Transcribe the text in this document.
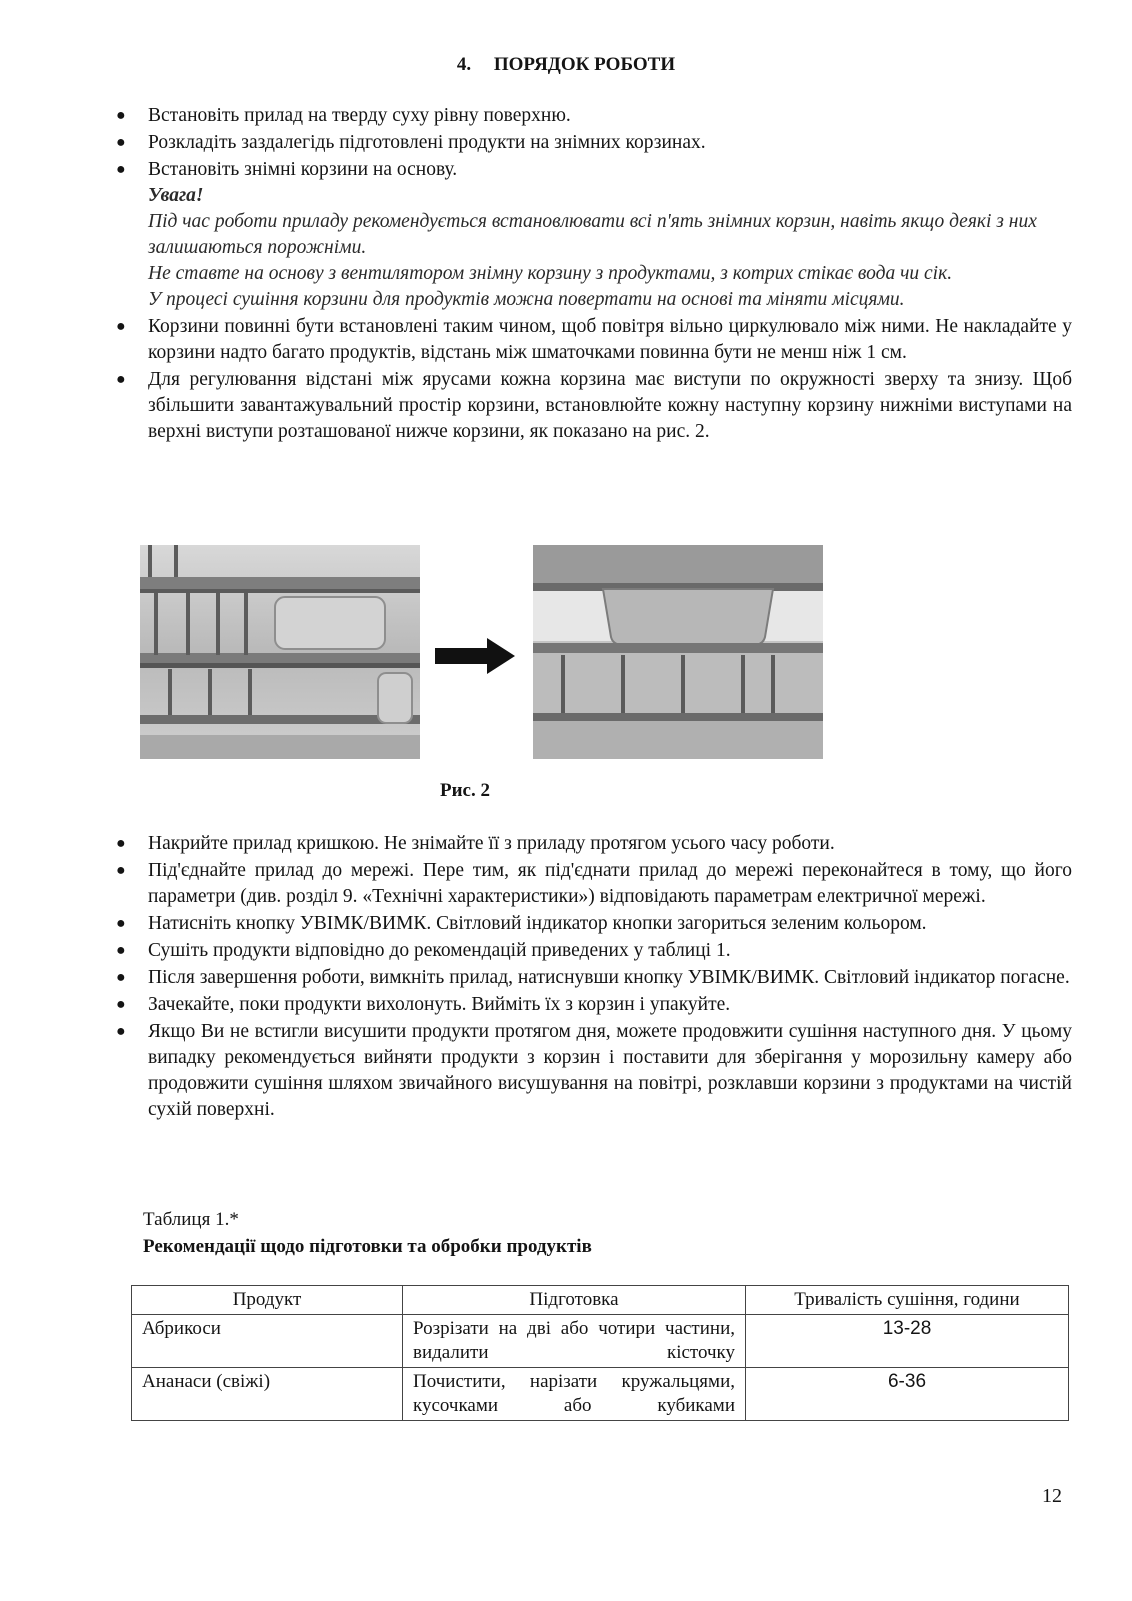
4. ПОРЯДОК РОБОТИ
● Встановіть прилад на тверду суху рівну поверхню.
● Розкладіть заздалегідь підготовлені продукти на знімних корзинах.
● Встановіть знімні корзини на основу.
Увага!
Під час роботи приладу рекомендується встановлювати всі п'ять знімних корзин, навіть якщо деякі з них залишаються порожніми.
Не ставте на основу з вентилятором знімну корзину з продуктами, з котрих стікає вода чи сік.
У процесі сушіння корзини для продуктів можна повертати на основі та міняти місцями.
● Корзини повинні бути встановлені таким чином, щоб повітря вільно циркулювало між ними. Не накладайте у корзини надто багато продуктів, відстань між шматочками повинна бути не менш ніж 1 см.
● Для регулювання відстані між ярусами кожна корзина має виступи по окружності зверху та знизу. Щоб збільшити завантажувальний простір корзини, встановлюйте кожну наступну корзину нижніми виступами на верхні виступи розташованої нижче корзини, як показано на рис. 2.
Рис. 2
● Накрийте прилад кришкою. Не знімайте її з приладу протягом усього часу роботи.
● Під'єднайте прилад до мережі. Пере тим, як під'єднати прилад до мережі переконайтеся в тому, що його параметри (див. розділ 9. «Технічні характеристики») відповідають параметрам електричної мережі.
● Натисніть кнопку УВІМК/ВИМК. Світловий індикатор кнопки загориться зеленим кольором.
● Сушіть продукти відповідно до рекомендацій приведених у таблиці 1.
● Після завершення роботи, вимкніть прилад, натиснувши кнопку УВІМК/ВИМК. Світловий індикатор погасне.
● Зачекайте, поки продукти вихолонуть. Вийміть їх з корзин і упакуйте.
● Якщо Ви не встигли висушити продукти протягом дня, можете продовжити сушіння наступного дня. У цьому випадку рекомендується вийняти продукти з корзин і поставити для зберігання у морозильну камеру або продовжити сушіння шляхом звичайного висушування на повітрі, розклавши корзини з продуктами на чистій сухій поверхні.
Таблиця 1.*
Рекомендації щодо підготовки та обробки продуктів
Продукт	Підготовка	Тривалість сушіння, години
Абрикоси	Розрізати на дві або чотири частини, видалити кісточку	13-28
Ананаси (свіжі)	Почистити, нарізати кружальцями, кусочками або кубиками	6-36
12
